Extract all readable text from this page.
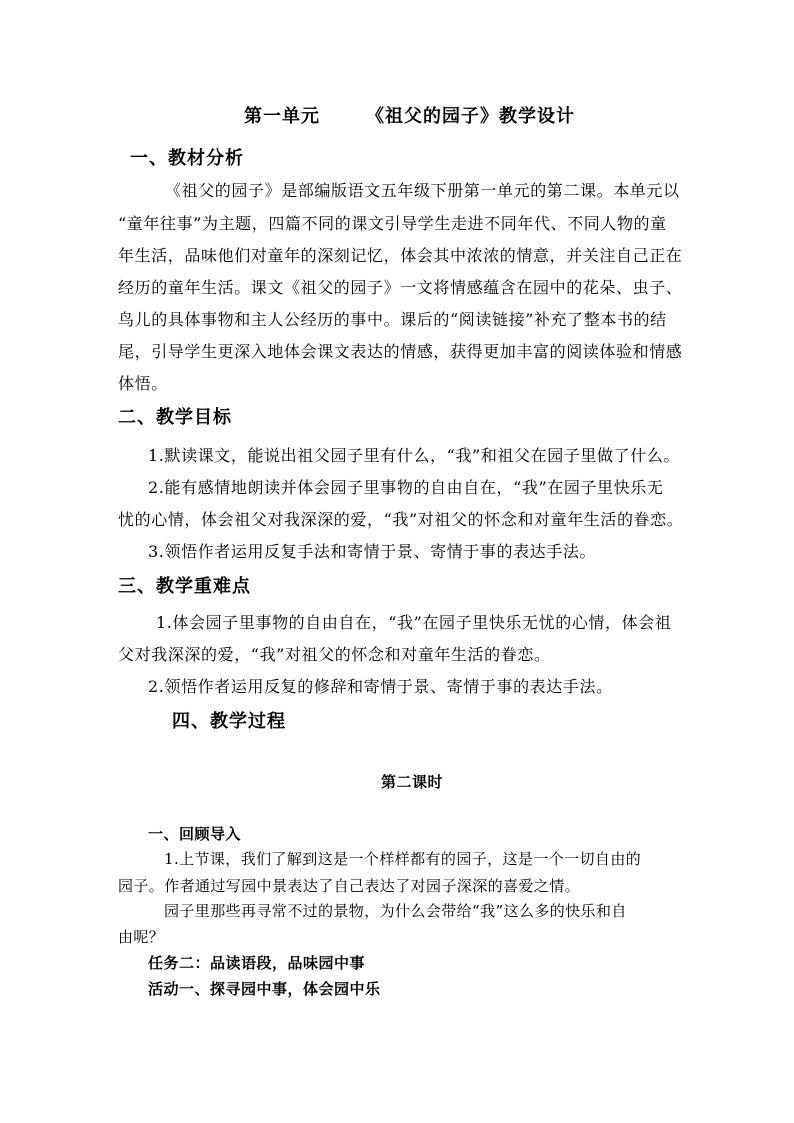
第一单元	《祖父的园子》教学设计
一、教材分析
《祖父的园子》是部编版语文五年级下册第一单元的第二课。本单元以
“童年往事”为主题，四篇不同的课文引导学生走进不同年代、不同人物的童
年生活，品味他们对童年的深刻记忆，体会其中浓浓的情意，并关注自己正在
经历的童年生活。课文《祖父的园子》一文将情感蕴含在园中的花朵、虫子、
鸟儿的具体事物和主人公经历的事中。课后的“阅读链接”补充了整本书的结
尾，引导学生更深入地体会课文表达的情感，获得更加丰富的阅读体验和情感
体悟。
二、教学目标
1.默读课文，能说出祖父园子里有什么，“我”和祖父在园子里做了什么。
2.能有感情地朗读并体会园子里事物的自由自在，“我”在园子里快乐无
忧的心情，体会祖父对我深深的爱，“我”对祖父的怀念和对童年生活的眷恋。
3.领悟作者运用反复手法和寄情于景、寄情于事的表达手法。
三、教学重难点
1.体会园子里事物的自由自在，“我”在园子里快乐无忧的心情，体会祖
父对我深深的爱，“我”对祖父的怀念和对童年生活的眷恋。
2.领悟作者运用反复的修辞和寄情于景、寄情于事的表达手法。
四、教学过程
第二课时
一、回顾导入
1.上节课，我们了解到这是一个样样都有的园子，这是一个一切自由的
园子。作者通过写园中景表达了自己表达了对园子深深的喜爱之情。
园子里那些再寻常不过的景物，为什么会带给“我”这么多的快乐和自
由呢？
任务二：品读语段，品味园中事
活动一、探寻园中事，体会园中乐
